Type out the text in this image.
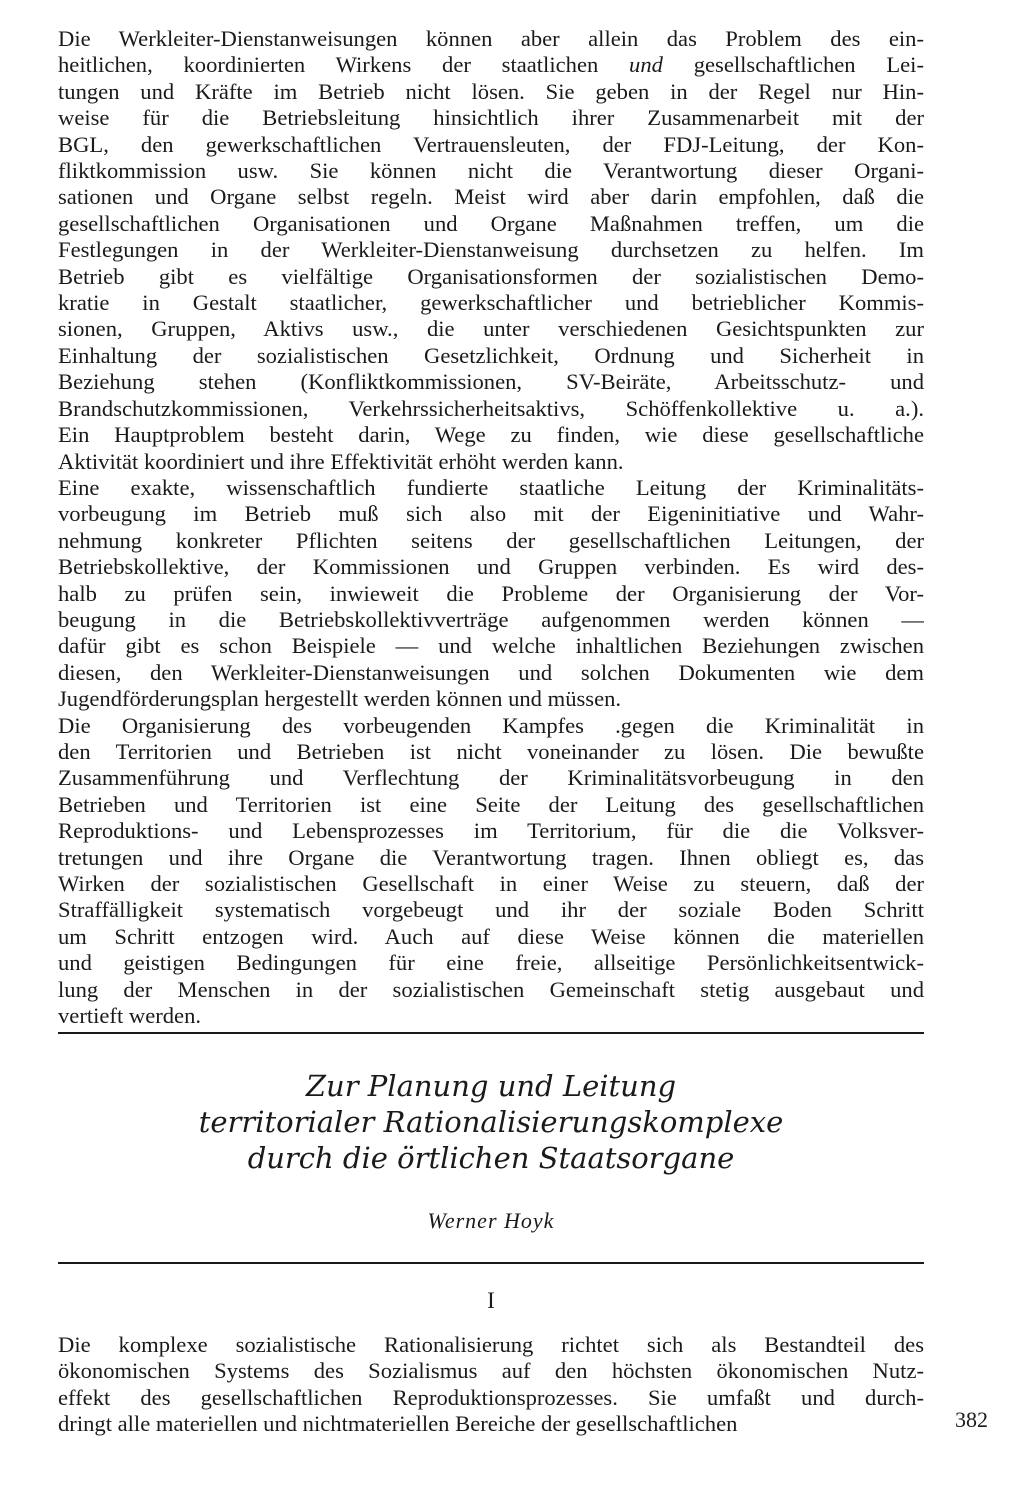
Die Werkleiter-Dienstanweisungen können aber allein das Problem des ein-
heitlichen, koordinierten Wirkens der staatlichen und gesellschaftlichen Lei-
tungen und Kräfte im Betrieb nicht lösen. Sie geben in der Regel nur Hin-
weise für die Betriebsleitung hinsichtlich ihrer Zusammenarbeit mit der
BGL, den gewerkschaftlichen Vertrauensleuten, der FDJ-Leitung, der Kon-
fliktkommission usw. Sie können nicht die Verantwortung dieser Organi-
sationen und Organe selbst regeln. Meist wird aber darin empfohlen, daß die
gesellschaftlichen Organisationen und Organe Maßnahmen treffen, um die
Festlegungen in der Werkleiter-Dienstanweisung durchsetzen zu helfen. Im
Betrieb gibt es vielfältige Organisationsformen der sozialistischen Demo-
kratie in Gestalt staatlicher, gewerkschaftlicher und betrieblicher Kommis-
sionen, Gruppen, Aktivs usw., die unter verschiedenen Gesichtspunkten zur
Einhaltung der sozialistischen Gesetzlichkeit, Ordnung und Sicherheit in
Beziehung stehen (Konfliktkommissionen, SV-Beiräte, Arbeitsschutz- und
Brandschutzkommissionen, Verkehrssicherheitsaktivs, Schöffenkollektive u. a.).
Ein Hauptproblem besteht darin, Wege zu finden, wie diese gesellschaftliche
Aktivität koordiniert und ihre Effektivität erhöht werden kann.
Eine exakte, wissenschaftlich fundierte staatliche Leitung der Kriminalitäts-
vorbeugung im Betrieb muß sich also mit der Eigeninitiative und Wahr-
nehmung konkreter Pflichten seitens der gesellschaftlichen Leitungen, der
Betriebskollektive, der Kommissionen und Gruppen verbinden. Es wird des-
halb zu prüfen sein, inwieweit die Probleme der Organisierung der Vor-
beugung in die Betriebskollektivverträge aufgenommen werden können —
dafür gibt es schon Beispiele — und welche inhaltlichen Beziehungen zwischen
diesen, den Werkleiter-Dienstanweisungen und solchen Dokumenten wie dem
Jugendförderungsplan hergestellt werden können und müssen.
Die Organisierung des vorbeugenden Kampfes .gegen die Kriminalität in
den Territorien und Betrieben ist nicht voneinander zu lösen. Die bewußte
Zusammenführung und Verflechtung der Kriminalitätsvorbeugung in den
Betrieben und Territorien ist eine Seite der Leitung des gesellschaftlichen
Reproduktions- und Lebensprozesses im Territorium, für die die Volksver-
tretungen und ihre Organe die Verantwortung tragen. Ihnen obliegt es, das
Wirken der sozialistischen Gesellschaft in einer Weise zu steuern, daß der
Straffälligkeit systematisch vorgebeugt und ihr der soziale Boden Schritt
um Schritt entzogen wird. Auch auf diese Weise können die materiellen
und geistigen Bedingungen für eine freie, allseitige Persönlichkeitsentwick-
lung der Menschen in der sozialistischen Gemeinschaft stetig ausgebaut und
vertieft werden.
Zur Planung und Leitung
territorialer Rationalisierungskomplexe
durch die örtlichen Staatsorgane
Werner Hoyk
I
Die komplexe sozialistische Rationalisierung richtet sich als Bestandteil des
ökonomischen Systems des Sozialismus auf den höchsten ökonomischen Nutz-
effekt des gesellschaftlichen Reproduktionsprozesses. Sie umfaßt und durch-
dringt alle materiellen und nichtmateriellen Bereiche der gesellschaftlichen	382
